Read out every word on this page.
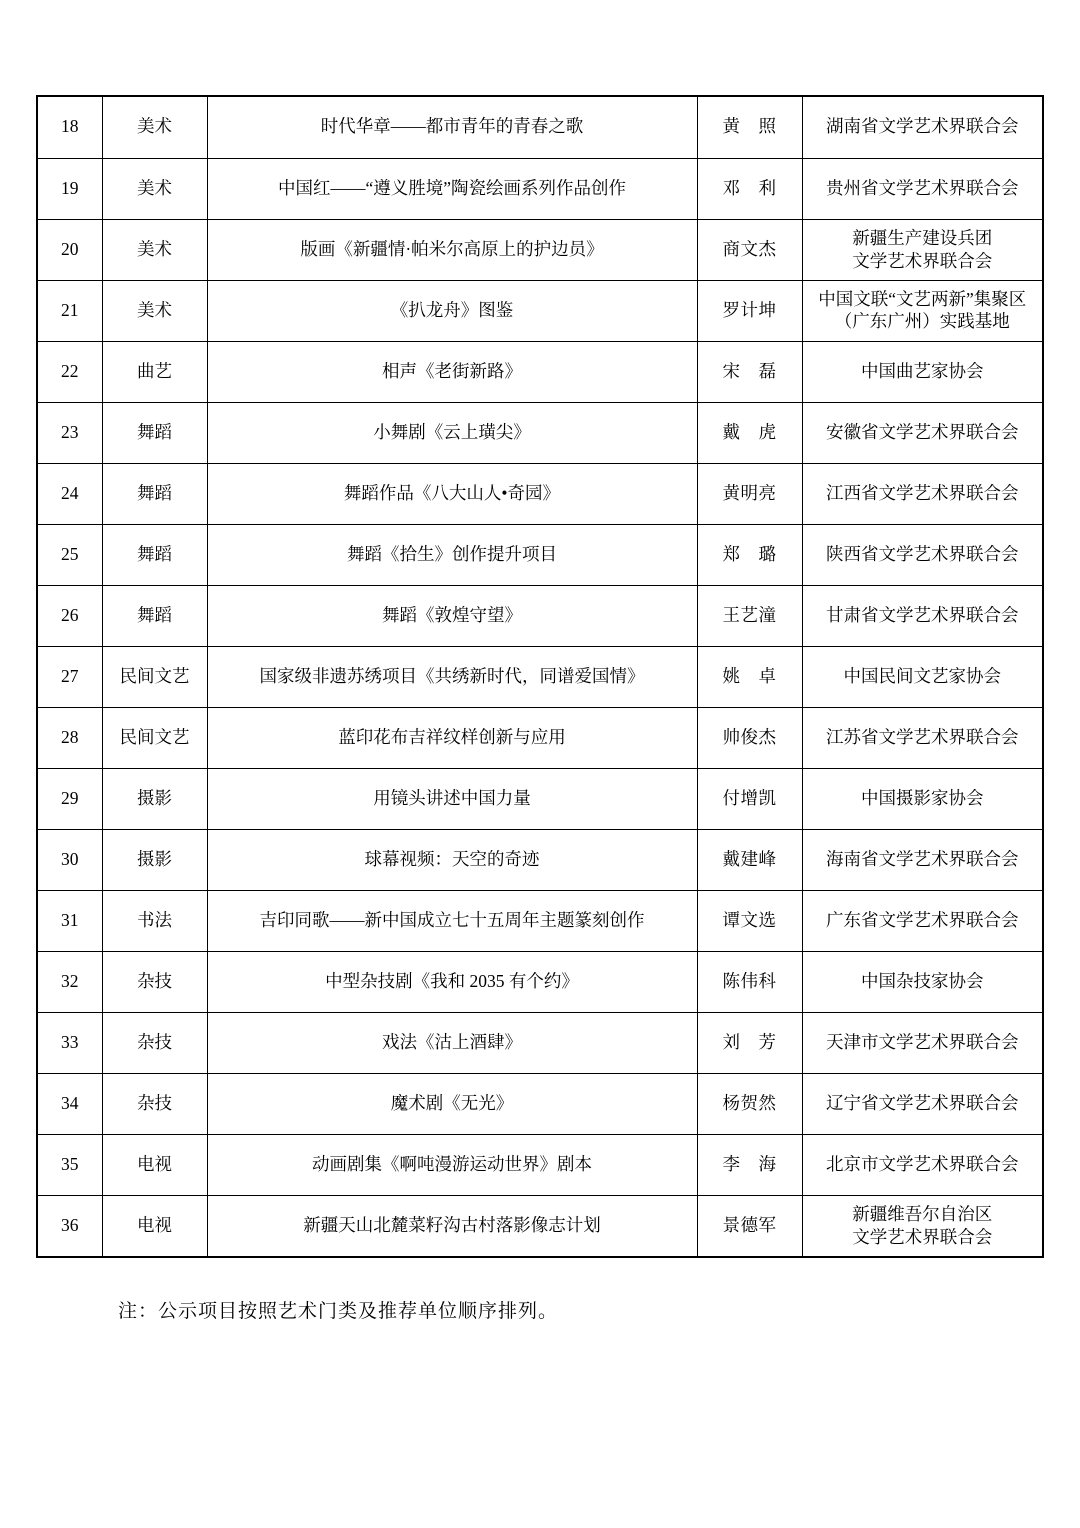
18	美术	时代华章——都市青年的青春之歌	黄　照	湖南省文学艺术界联合会
19	美术	中国红——“遵义胜境”陶瓷绘画系列作品创作	邓　利	贵州省文学艺术界联合会
20	美术	版画《新疆情·帕米尔高原上的护边员》	商文杰	新疆生产建设兵团
文学艺术界联合会

21	美术	《扒龙舟》图鉴	罗计坤	中国文联“文艺两新”集聚区（广东广州）实践基地
22	曲艺	相声《老街新路》	宋　磊	中国曲艺家协会
23	舞蹈	小舞剧《云上璜尖》	戴　虎	安徽省文学艺术界联合会
24	舞蹈	舞蹈作品《八大山人•奇园》	黄明亮	江西省文学艺术界联合会
25	舞蹈	舞蹈《拾生》创作提升项目	郑　璐	陕西省文学艺术界联合会
26	舞蹈	舞蹈《敦煌守望》	王艺潼	甘肃省文学艺术界联合会
27	民间文艺	国家级非遗苏绣项目《共绣新时代，同谱爱国情》	姚　卓	中国民间文艺家协会
28	民间文艺	蓝印花布吉祥纹样创新与应用	帅俊杰	江苏省文学艺术界联合会
29	摄影	用镜头讲述中国力量	付增凯	中国摄影家协会
30	摄影	球幕视频：天空的奇迹	戴建峰	海南省文学艺术界联合会
31	书法	吉印同歌——新中国成立七十五周年主题篆刻创作	谭文选	广东省文学艺术界联合会
32	杂技	中型杂技剧《我和 2035 有个约》	陈伟科	中国杂技家协会
33	杂技	戏法《沽上酒肆》	刘　芳	天津市文学艺术界联合会
34	杂技	魔术剧《无光》	杨贺然	辽宁省文学艺术界联合会
35	电视	动画剧集《啊吨漫游运动世界》剧本	李　海	北京市文学艺术界联合会
36	电视	新疆天山北麓菜籽沟古村落影像志计划	景德军	新疆维吾尔自治区
文学艺术界联合会
注：公示项目按照艺术门类及推荐单位顺序排列。
